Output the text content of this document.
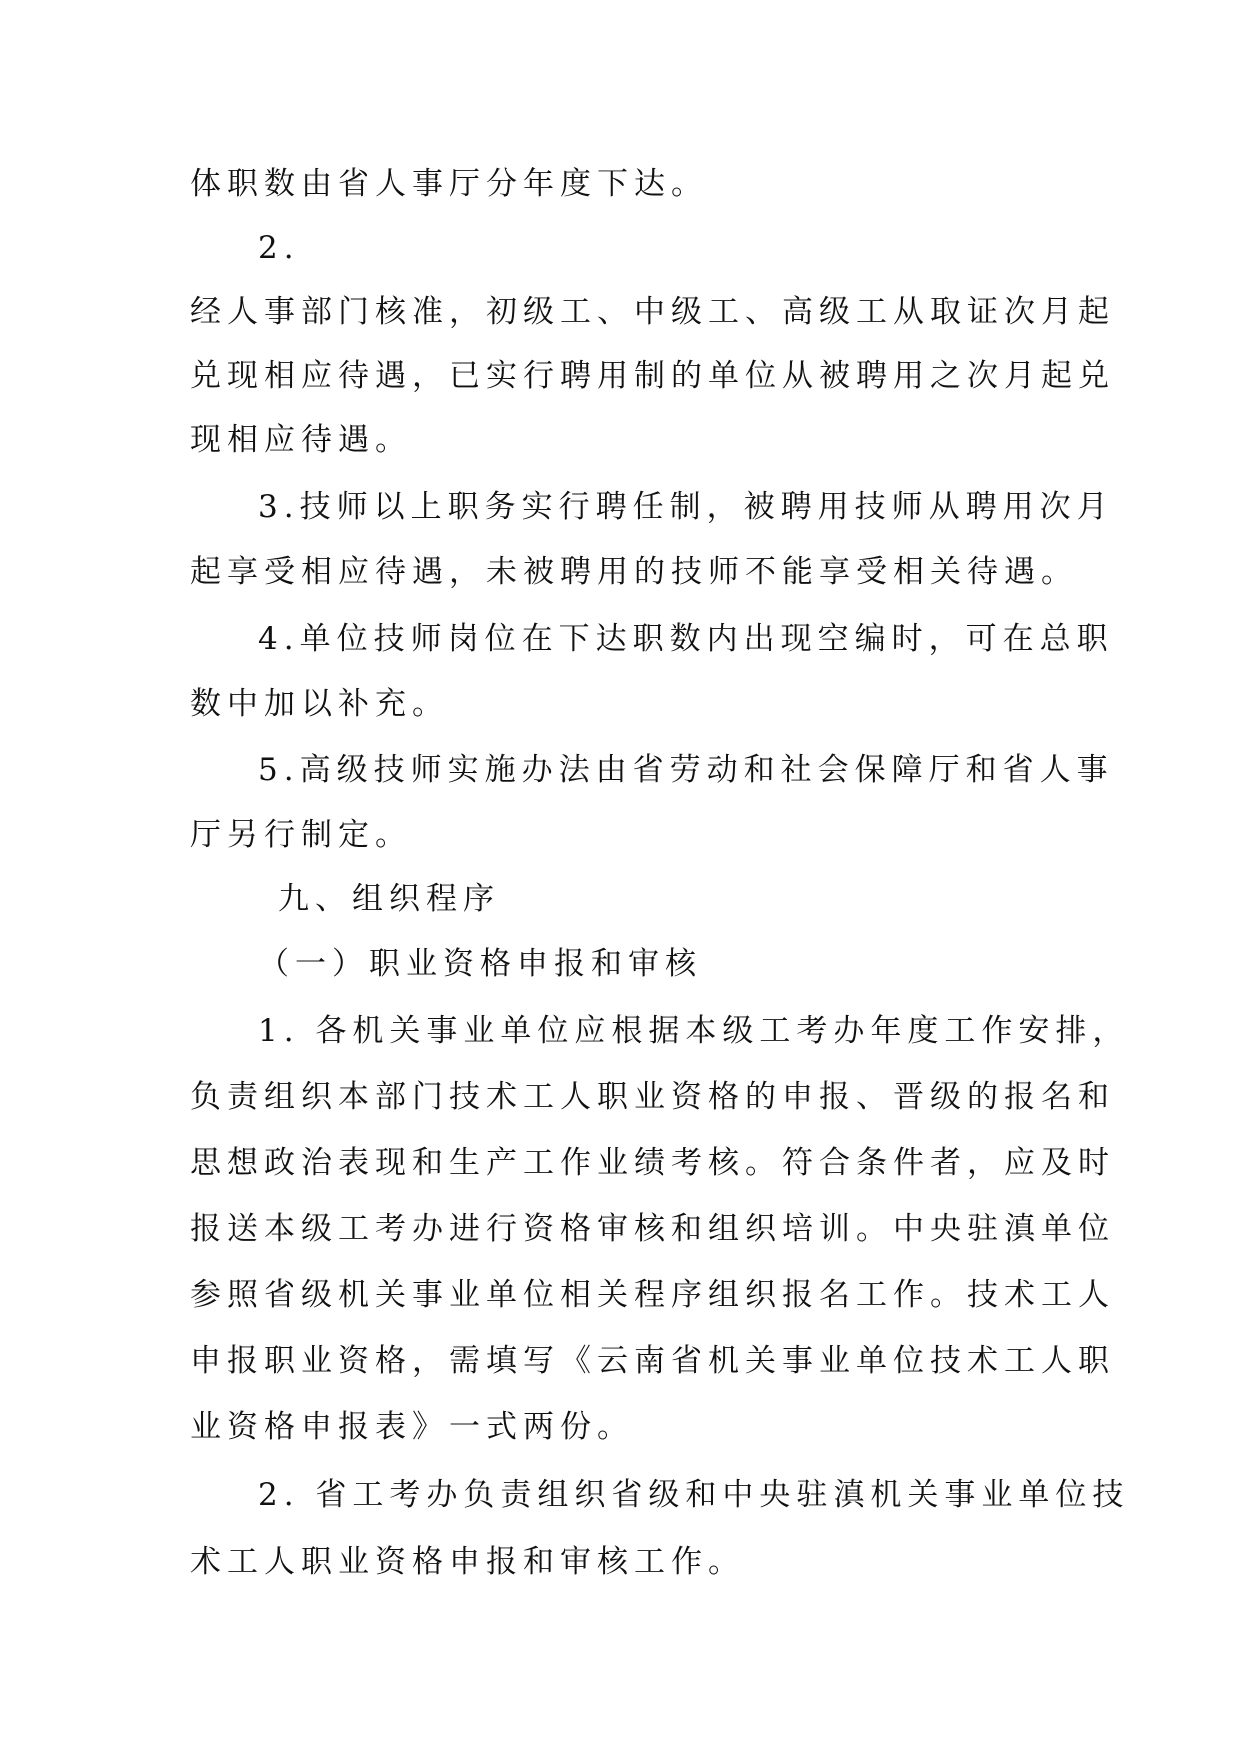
体职数由省人事厅分年度下达。
2.
经人事部门核准，初级工、中级工、高级工从取证次月起
兑现相应待遇，已实行聘用制的单位从被聘用之次月起兑
现相应待遇。
3.技师以上职务实行聘任制，被聘用技师从聘用次月
起享受相应待遇，未被聘用的技师不能享受相关待遇。
4.单位技师岗位在下达职数内出现空编时，可在总职
数中加以补充。
5.高级技师实施办法由省劳动和社会保障厅和省人事
厅另行制定。
九、组织程序
（一）职业资格申报和审核
1. 各机关事业单位应根据本级工考办年度工作安排，
负责组织本部门技术工人职业资格的申报、晋级的报名和
思想政治表现和生产工作业绩考核。符合条件者，应及时
报送本级工考办进行资格审核和组织培训。中央驻滇单位
参照省级机关事业单位相关程序组织报名工作。技术工人
申报职业资格，需填写《云南省机关事业单位技术工人职
业资格申报表》一式两份。
2. 省工考办负责组织省级和中央驻滇机关事业单位技
术工人职业资格申报和审核工作。
